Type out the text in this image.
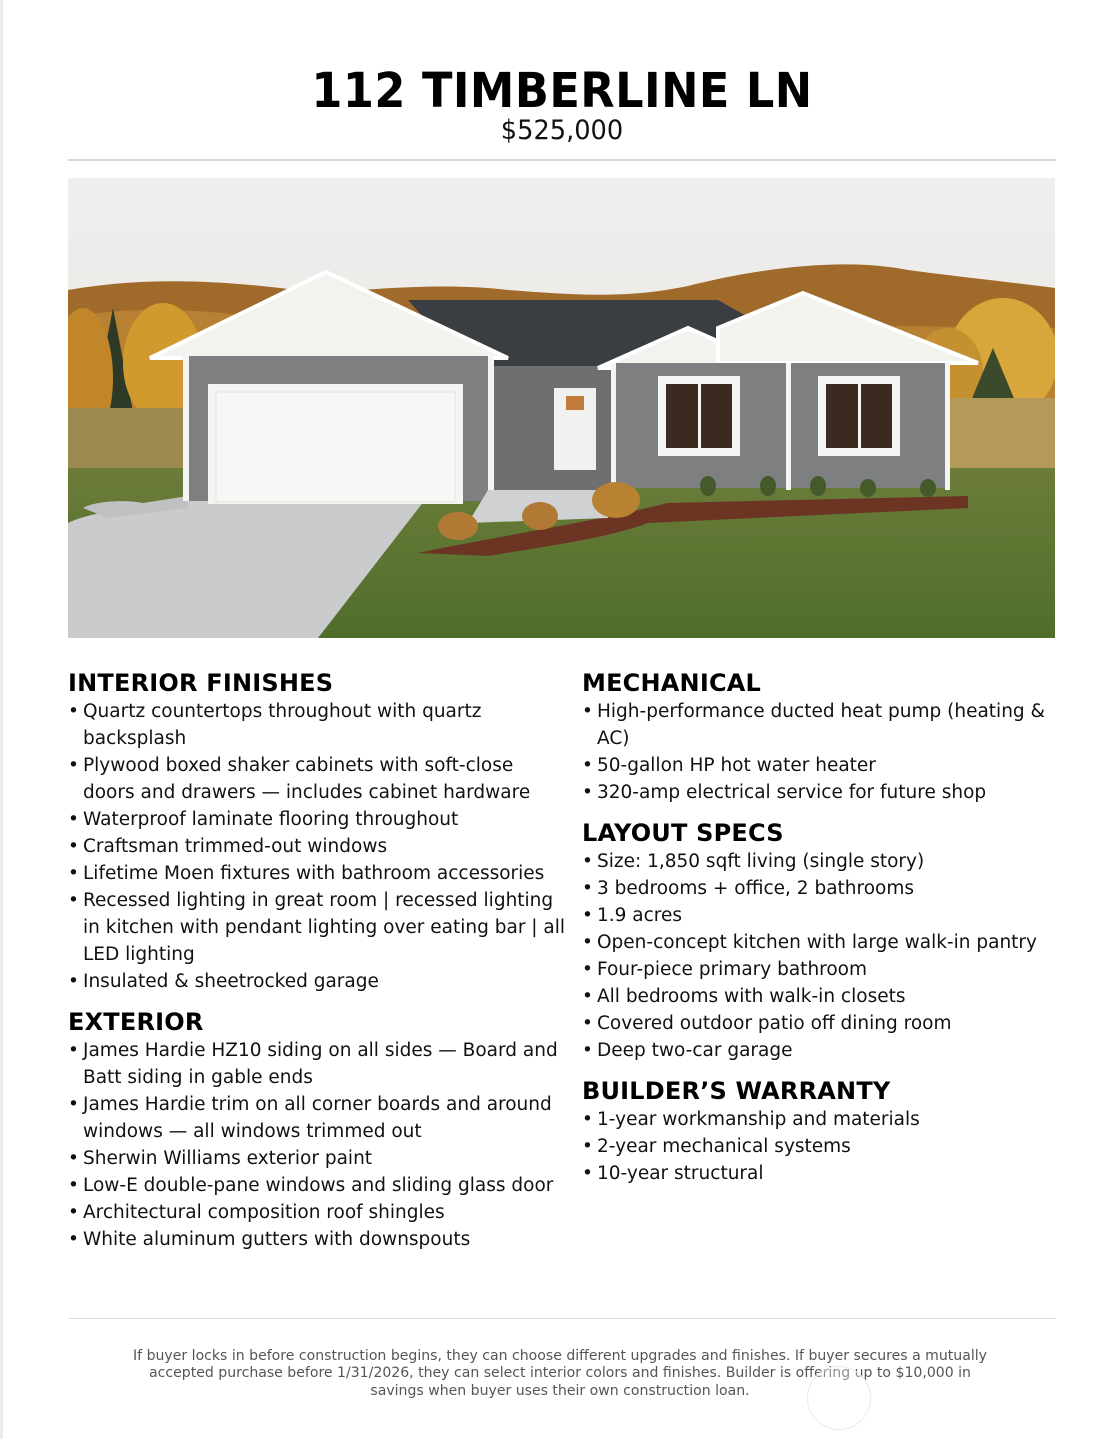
112 TIMBERLINE LN
$525,000
INTERIOR FINISHES
• Quartz countertops throughout with quartz backsplash
• Plywood boxed shaker cabinets with soft-close doors and drawers — includes cabinet hardware
• Waterproof laminate flooring throughout
• Craftsman trimmed-out windows
• Lifetime Moen fixtures with bathroom accessories
• Recessed lighting in great room | recessed lighting in kitchen with pendant lighting over eating bar | all LED lighting
• Insulated & sheetrocked garage
EXTERIOR
• James Hardie HZ10 siding on all sides — Board and Batt siding in gable ends
• James Hardie trim on all corner boards and around windows — all windows trimmed out
• Sherwin Williams exterior paint
• Low-E double-pane windows and sliding glass door
• Architectural composition roof shingles
• White aluminum gutters with downspouts
MECHANICAL
• High-performance ducted heat pump (heating & AC)
• 50-gallon HP hot water heater
• 320-amp electrical service for future shop
LAYOUT SPECS
• Size: 1,850 sqft living (single story)
• 3 bedrooms + office, 2 bathrooms
• 1.9 acres
• Open-concept kitchen with large walk-in pantry
• Four-piece primary bathroom
• All bedrooms with walk-in closets
• Covered outdoor patio off dining room
• Deep two-car garage
BUILDER’S WARRANTY
• 1-year workmanship and materials
• 2-year mechanical systems
• 10-year structural

If buyer locks in before construction begins, they can choose different upgrades and finishes. If buyer secures a mutually accepted purchase before 1/31/2026, they can select interior colors and finishes. Builder is offering up to $10,000 in savings when buyer uses their own construction loan.
